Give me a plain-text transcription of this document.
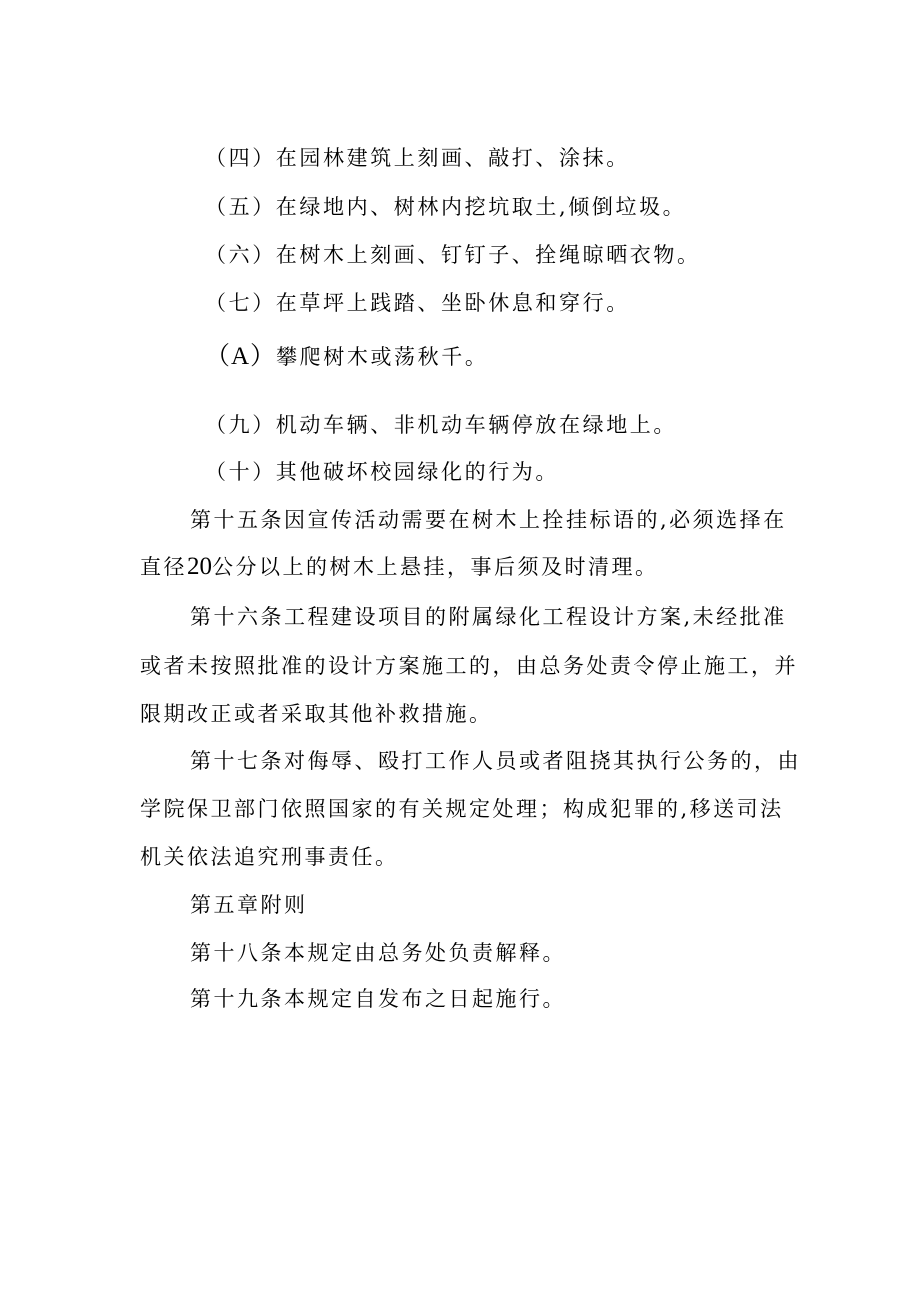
（四）在园林建筑上刻画、敲打、涂抹。
（五）在绿地内、树林内挖坑取土,倾倒垃圾。
（六）在树木上刻画、钉钉子、拴绳晾晒衣物。
（七）在草坪上践踏、坐卧休息和穿行。
（A）攀爬树木或荡秋千。
（九）机动车辆、非机动车辆停放在绿地上。
（十）其他破坏校园绿化的行为。
第十五条因宣传活动需要在树木上拴挂标语的,必须选择在
直径20公分以上的树木上悬挂，事后须及时清理。
第十六条工程建设项目的附属绿化工程设计方案,未经批准
或者未按照批准的设计方案施工的，由总务处责令停止施工，并
限期改正或者采取其他补救措施。
第十七条对侮辱、殴打工作人员或者阻挠其执行公务的，由
学院保卫部门依照国家的有关规定处理；构成犯罪的,移送司法
机关依法追究刑事责任。
第五章附则
第十八条本规定由总务处负责解释。
第十九条本规定自发布之日起施行。
